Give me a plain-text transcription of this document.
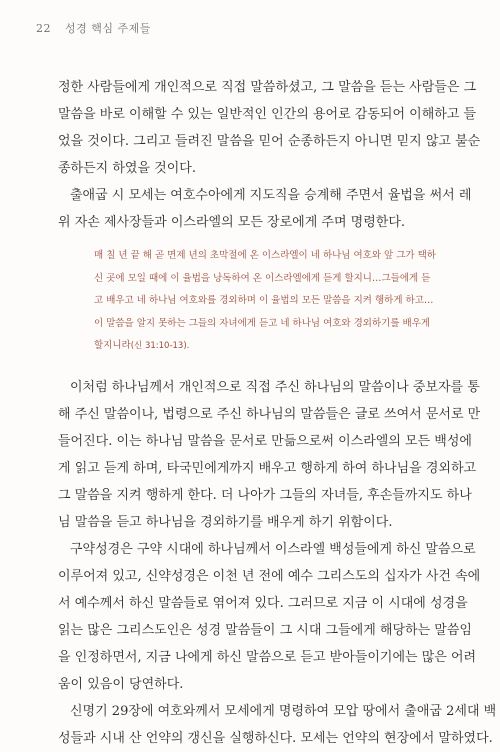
22 성경 핵심 주제들

정한 사람들에게 개인적으로 직접 말씀하셨고, 그 말씀을 듣는 사람들은 그
말씀을 바로 이해할 수 있는 일반적인 인간의 용어로 감동되어 이해하고 들
었을 것이다. 그리고 들려진 말씀을 믿어 순종하든지 아니면 믿지 않고 불순
종하든지 하였을 것이다.

출애굽 시 모세는 여호수아에게 지도직을 승계해 주면서 율법을 써서 레
위 자손 제사장들과 이스라엘의 모든 장로에게 주며 명령한다.

매 칠 년 끝 해 곧 면제 년의 초막절에 온 이스라엘이 네 하나님 여호와 앞 그가 택하
신 곳에 모일 때에 이 율법을 낭독하여 온 이스라엘에게 듣게 할지니…그들에게 듣
고 배우고 네 하나님 여호와를 경외하며 이 율법의 모든 말씀을 지켜 행하게 하고…
이 말씀을 알지 못하는 그들의 자녀에게 듣고 네 하나님 여호와 경외하기를 배우게
할지니라(신 31:10-13).

이처럼 하나님께서 개인적으로 직접 주신 하나님의 말씀이나 중보자를 통
해 주신 말씀이나, 법령으로 주신 하나님의 말씀들은 글로 쓰여서 문서로 만
들어진다. 이는 하나님 말씀을 문서로 만듦으로써 이스라엘의 모든 백성에
게 읽고 듣게 하며, 타국민에게까지 배우고 행하게 하여 하나님을 경외하고
그 말씀을 지켜 행하게 한다. 더 나아가 그들의 자녀들, 후손들까지도 하나
님 말씀을 듣고 하나님을 경외하기를 배우게 하기 위함이다.

구약성경은 구약 시대에 하나님께서 이스라엘 백성들에게 하신 말씀으로
이루어져 있고, 신약성경은 이천 년 전에 예수 그리스도의 십자가 사건 속에
서 예수께서 하신 말씀들로 엮어져 있다. 그러므로 지금 이 시대에 성경을
읽는 많은 그리스도인은 성경 말씀들이 그 시대 그들에게 해당하는 말씀임
을 인정하면서, 지금 나에게 하신 말씀으로 듣고 받아들이기에는 많은 어려
움이 있음이 당연하다.

신명기 29장에 여호와께서 모세에게 명령하여 모압 땅에서 출애굽 2세대 백
성들과 시내 산 언약의 갱신을 실행하신다. 모세는 언약의 현장에서 말하였다.
